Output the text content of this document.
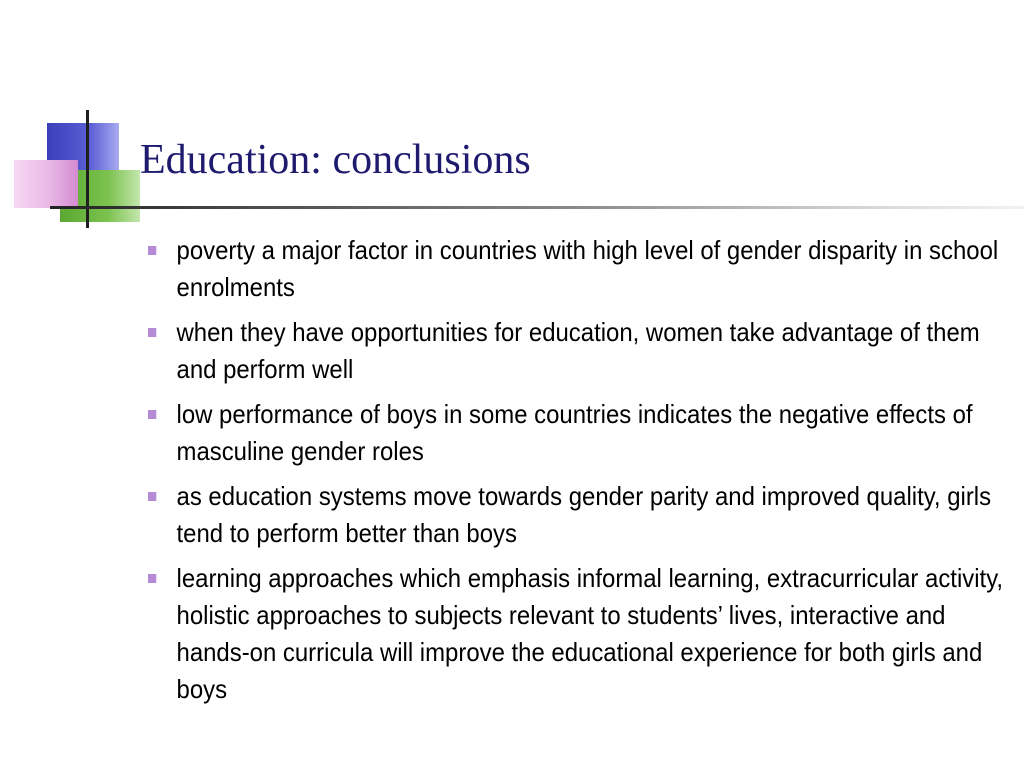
Education: conclusions
poverty a major factor in countries with high level of gender disparity in school enrolments
when they have opportunities for education, women take advantage of them and perform well
low performance of boys in some countries indicates the negative effects of masculine gender roles
as education systems move towards gender parity and improved quality, girls tend to perform better than boys
learning approaches which emphasis informal learning, extracurricular activity, holistic approaches to subjects relevant to students’ lives, interactive and hands-on curricula will improve the educational experience for both girls and boys
